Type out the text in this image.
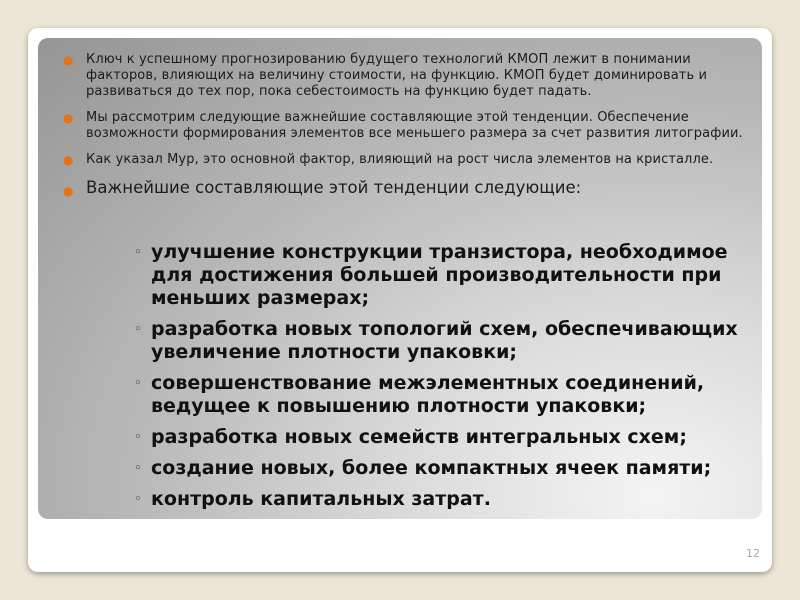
● Ключ к успешному прогнозированию будущего технологий КМОП лежит в понимании факторов, влияющих на величину стоимости, на функцию. КМОП будет доминировать и развиваться до тех пор, пока себестоимость на функцию будет падать.
● Мы рассмотрим следующие важнейшие составляющие этой тенденции. Обеспечение возможности формирования элементов все меньшего размера за счет развития литографии.
● Как указал Мур, это основной фактор, влияющий на рост числа элементов на кристалле.
● Важнейшие составляющие этой тенденции следующие:
◦ улучшение конструкции транзистора, необходимое для достижения большей производительности при меньших размерах;
◦ разработка новых топологий схем, обеспечивающих увеличение плотности упаковки;
◦ совершенствование межэлементных соединений, ведущее к повышению плотности упаковки;
◦ разработка новых семейств интегральных схем;
◦ создание новых, более компактных ячеек памяти;
◦ контроль капитальных затрат.
12
